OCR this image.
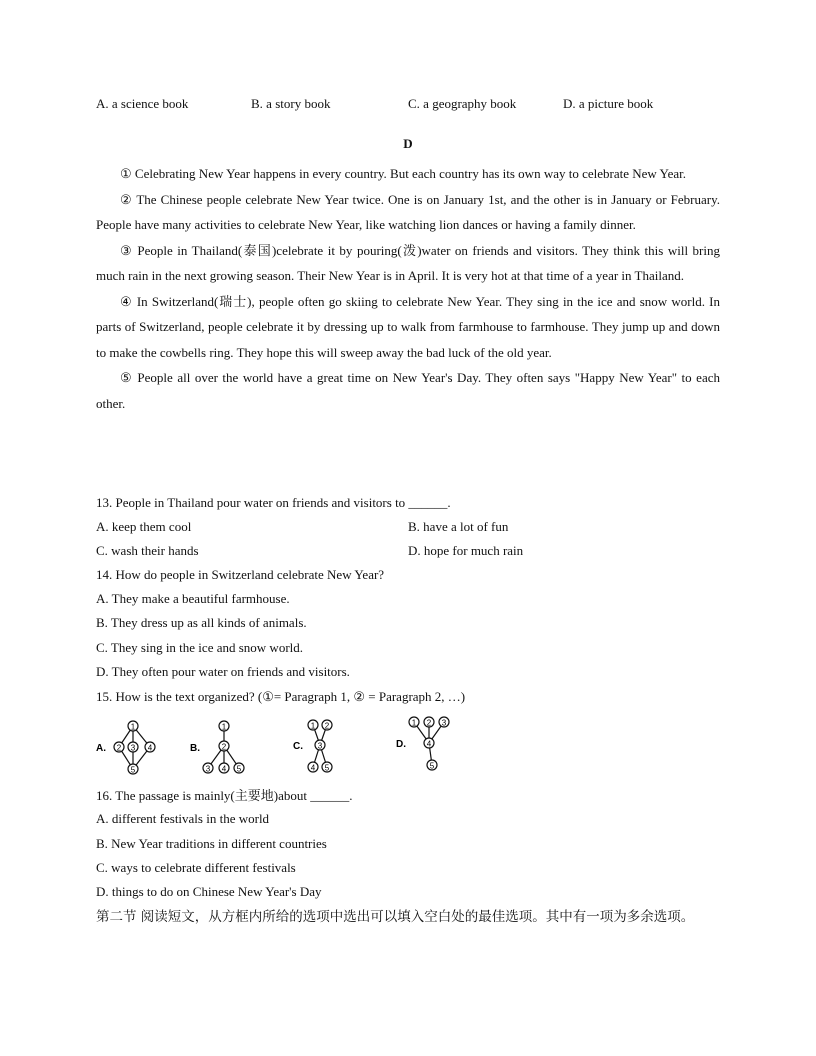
A. a science book	B. a story book	C. a geography book	D. a picture book
D

① Celebrating New Year happens in every country. But each country has its own way to celebrate New Year.

② The Chinese people celebrate New Year twice. One is on January 1st, and the other is in January or February. People have many activities to celebrate New Year, like watching lion dances or having a family dinner.

③ People in Thailand(泰国)celebrate it by pouring(泼)water on friends and visitors. They think this will bring much rain in the next growing season. Their New Year is in April. It is very hot at that time of a year in Thailand.

④ In Switzerland(瑞士), people often go skiing to celebrate New Year. They sing in the ice and snow world. In parts of Switzerland, people celebrate it by dressing up to walk from farmhouse to farmhouse. They jump up and down to make the cowbells ring. They hope this will sweep away the bad luck of the old year.

⑤ People all over the world have a great time on New Year's Day. They often says "Happy New Year" to each other.

13. People in Thailand pour water on friends and visitors to ______.
A. keep them cool	B. have a lot of fun
C. wash their hands	D. hope for much rain
14. How do people in Switzerland celebrate New Year?
A. They make a beautiful farmhouse.
B. They dress up as all kinds of animals.
C. They sing in the ice and snow world.
D. They often pour water on friends and visitors.
15. How is the text organized? (①= Paragraph 1, ② = Paragraph 2, …)
A.
1
2 3 4
5
B.
1
2
3 4 5
C.
1 2
3
4 5
D.
1 2 3
4
5
16. The passage is mainly(主要地)about ______.
A. different festivals in the world
B. New Year traditions in different countries
C. ways to celebrate different festivals
D. things to do on Chinese New Year's Day
第二节 阅读短文，从方框内所给的选项中选出可以填入空白处的最佳选项。其中有一项为多余选项。
